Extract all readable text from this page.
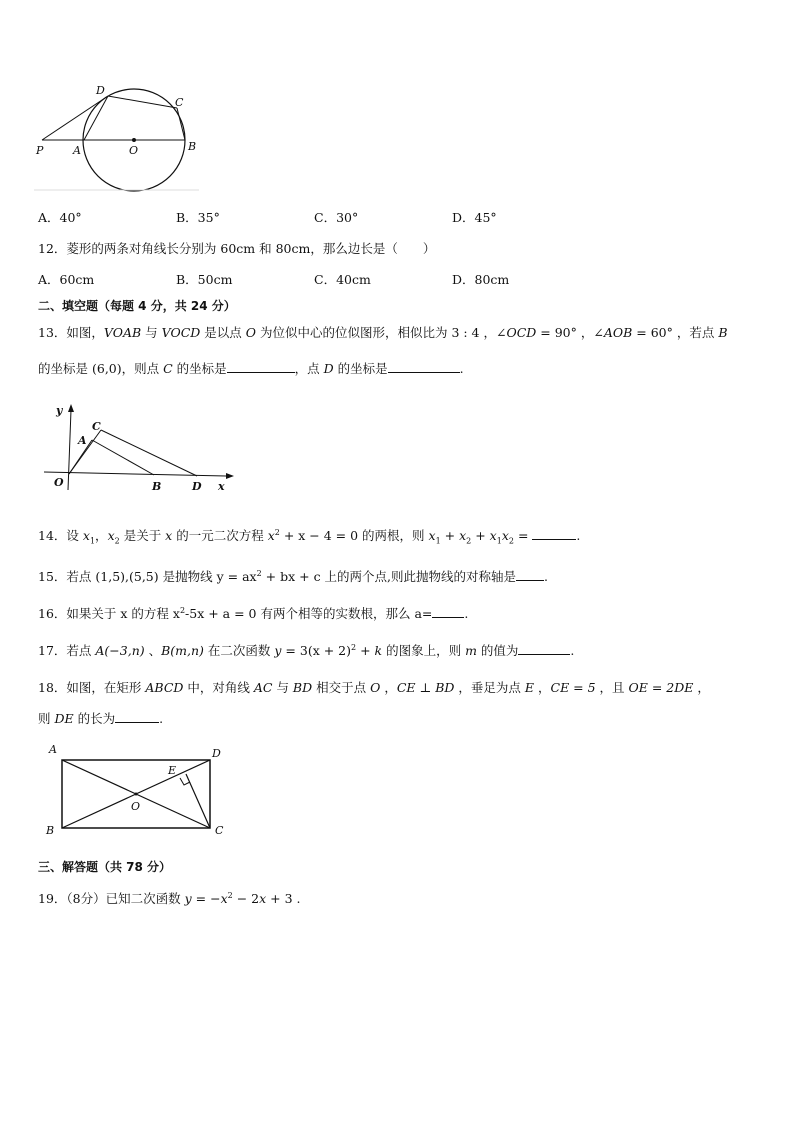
P	A	O	B
C
D
A．40°	B．35°	C．30°	D．45°
12．菱形的两条对角线长分别为 60cm 和 80cm，那么边长是（　　）
A．60cm	B．50cm	C．40cm	D．80cm
二、填空题（每题 4 分，共 24 分）
13．如图，VOAB 与 VOCD 是以点 O 为位似中心的位似图形，相似比为 3 : 4 ，∠OCD = 90° ，∠AOB = 60° ，若点 B
的坐标是 (6,0)，则点 C 的坐标是	，点 D 的坐标是	.
y
x
O
A
C
B	D
14．设 $x_1$，$x_2$ 是关于 x 的一元二次方程 $x^2 + x - 4 = 0$ 的两根，则 $x_1 + x_2 + x_1x_2$ =	.
15．若点 (1,5),(5,5) 是抛物线 $y = ax^2$ + bx + c 上的两个点,则此抛物线的对称轴是 .
16．如果关于 x 的方程 $x^2-5x + a = 0$ 有两个相等的实数根，那么 a=	.
17．若点 A(−3,n) 、B(m,n) 在二次函数 $y = 3(x + 2)^2 + k$ 的图象上，则 m 的值为	.
18．如图，在矩形 ABCD 中，对角线 AC 与 BD 相交于点 O ，CE ⊥ BD ，垂足为点 E ，CE = 5 ，且 OE = 2DE ，
则 DE 的长为	.
A	D
B	C
E
O
三、解答题（共 78 分）
19．（8分）已知二次函数 $y = -x^2 - 2x + 3$ .
